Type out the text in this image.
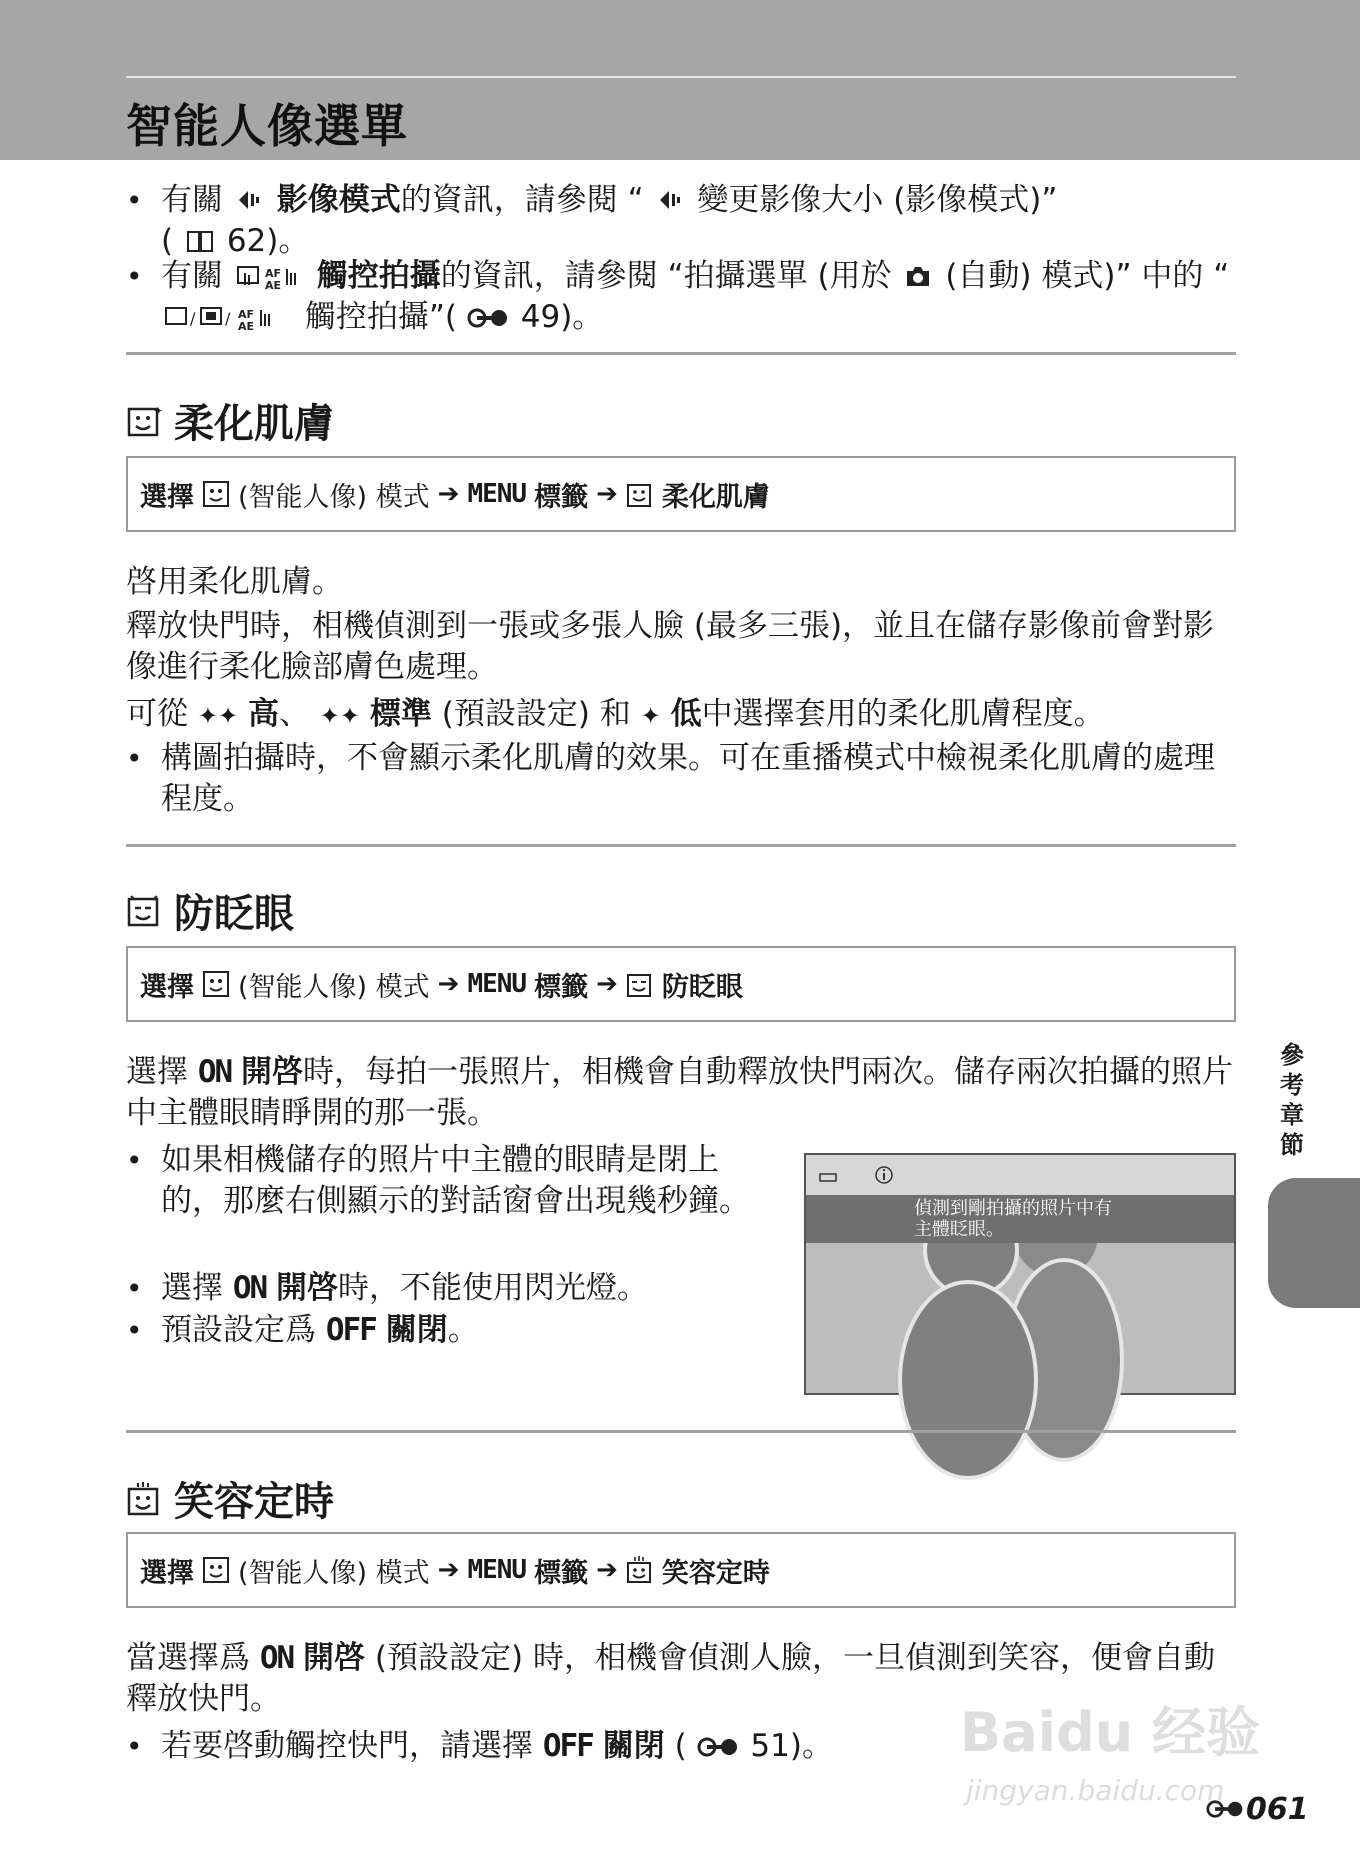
智能人像選單

• 有關 影像模式的資訊，請參閱 “ 變更影像大小 (影像模式)”
( 62)。

• 有關	AF
AE 觸控拍攝的資訊，請參閱 “拍攝選單 (用於 (自動) 模式)” 中的 “
/ / AF
AE 觸控拍攝”( 49)。

✦ 柔化肌膚
選擇 (智能人像) 模式 ➔ MENU 標籤 ➔ 柔化肌膚

啓用柔化肌膚。

釋放快門時，相機偵測到一張或多張人臉 (最多三張)，並且在儲存影像前會對影像進行柔化臉部膚色處理。

可從 ✦✦ 高、 ✦✦ 標準 (預設設定) 和 ✦ 低中選擇套用的柔化肌膚程度。

• 構圖拍攝時，不會顯示柔化肌膚的效果。可在重播模式中檢視柔化肌膚的處理程度。

防眨眼
選擇 (智能人像) 模式 ➔ MENU 標籤 ➔ 防眨眼

選擇 ON 開啓時，每拍一張照片，相機會自動釋放快門兩次。儲存兩次拍攝的照片中主體眼睛睜開的那一張。

• 如果相機儲存的照片中主體的眼睛是閉上的，那麼右側顯示的對話窗會出現幾秒鐘。

• 選擇 ON 開啓時，不能使用閃光燈。

• 預設設定爲 OFF 關閉。

偵測到剛拍攝的照片中有
主體眨眼。
笑容定時
選擇 (智能人像) 模式 ➔ MENU 標籤 ➔ 笑容定時

當選擇爲 ON 開啓 (預設設定) 時，相機會偵測人臉，一旦偵測到笑容，便會自動釋放快門。

• 若要啓動觸控快門，請選擇 OFF 關閉 ( 51)。

參考章節
Baidu 经验
jingyan.baidu.com
061
